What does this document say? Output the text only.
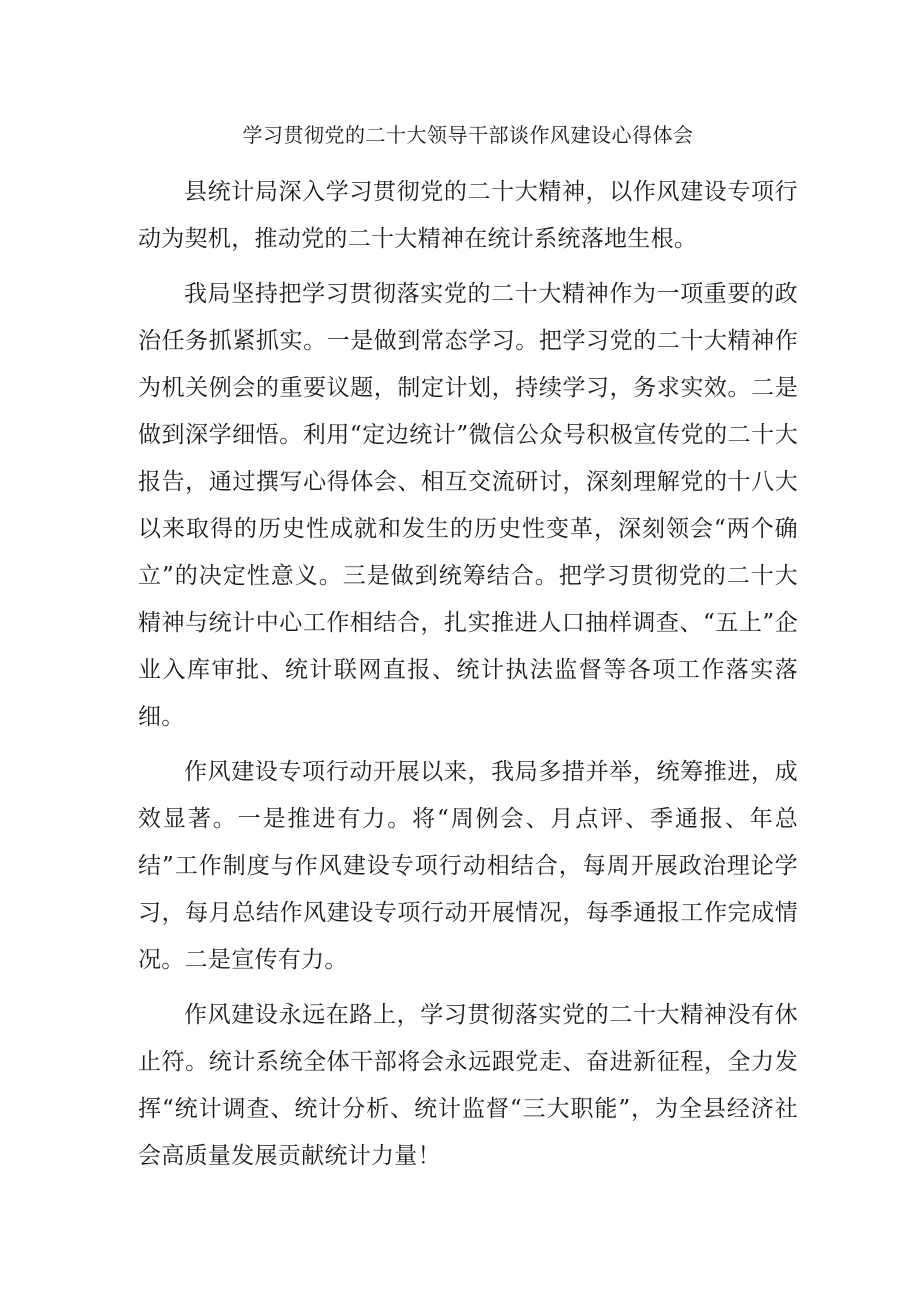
学习贯彻党的二十大领导干部谈作风建设心得体会

县统计局深入学习贯彻党的二十大精神，以作风建设专项行动为契机，推动党的二十大精神在统计系统落地生根。

我局坚持把学习贯彻落实党的二十大精神作为一项重要的政治任务抓紧抓实。一是做到常态学习。把学习党的二十大精神作为机关例会的重要议题，制定计划，持续学习，务求实效。二是做到深学细悟。利用“定边统计”微信公众号积极宣传党的二十大报告，通过撰写心得体会、相互交流研讨，深刻理解党的十八大以来取得的历史性成就和发生的历史性变革，深刻领会“两个确立”的决定性意义。三是做到统筹结合。把学习贯彻党的二十大精神与统计中心工作相结合，扎实推进人口抽样调查、“五上”企业入库审批、统计联网直报、统计执法监督等各项工作落实落细。

作风建设专项行动开展以来，我局多措并举，统筹推进，成效显著。一是推进有力。将“周例会、月点评、季通报、年总结”工作制度与作风建设专项行动相结合，每周开展政治理论学习，每月总结作风建设专项行动开展情况，每季通报工作完成情况。二是宣传有力。

作风建设永远在路上，学习贯彻落实党的二十大精神没有休止符。统计系统全体干部将会永远跟党走、奋进新征程，全力发挥“统计调查、统计分析、统计监督“三大职能”，为全县经济社会高质量发展贡献统计力量！
